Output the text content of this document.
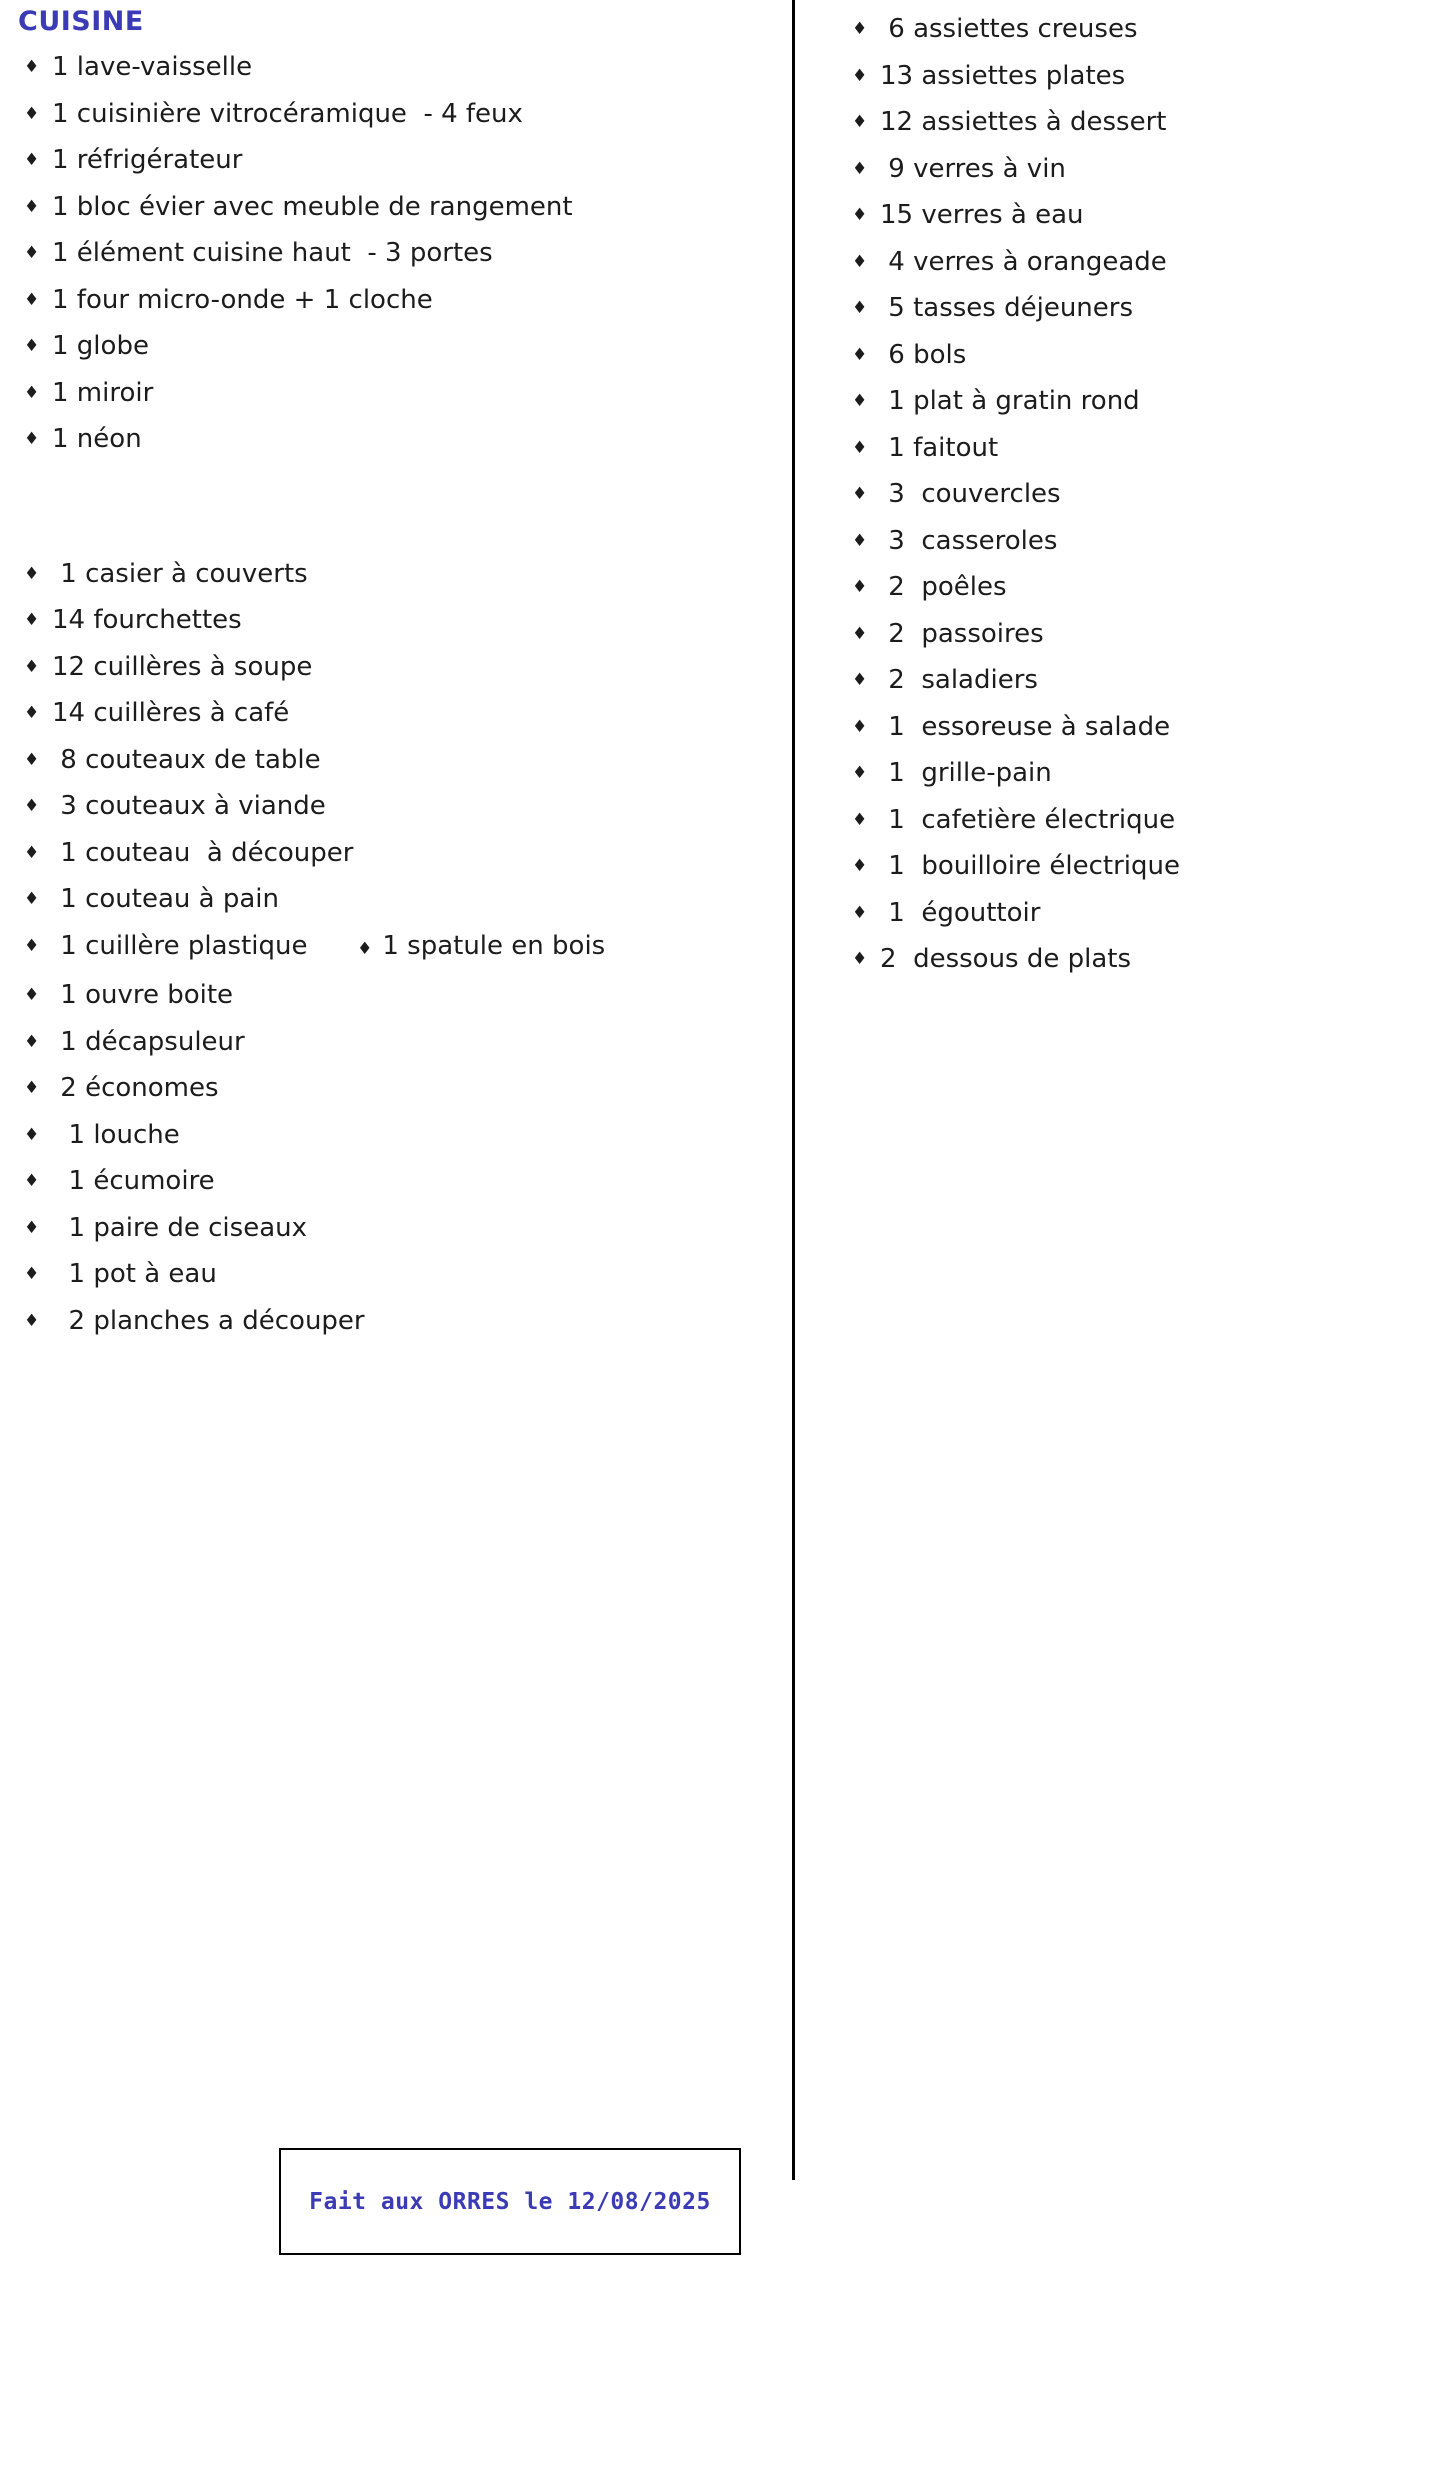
CUISINE
♦ 1 lave-vaisselle
♦ 1 cuisinière vitrocéramique  - 4 feux
♦ 1 réfrigérateur
♦ 1 bloc évier avec meuble de rangement
♦ 1 élément cuisine haut  - 3 portes
♦ 1 four micro-onde + 1 cloche
♦ 1 globe
♦ 1 miroir
♦ 1 néon
♦ 1 casier à couverts
♦ 14 fourchettes
♦ 12 cuillères à soupe
♦ 14 cuillères à café
♦ 8 couteaux de table
♦ 3 couteaux à viande
♦ 1 couteau  à découper
♦ 1 couteau à pain
♦ 1 cuillère plastique	♦ 1 spatule en bois
♦ 1 ouvre boite
♦ 1 décapsuleur
♦ 2 économes
♦ 1 louche
♦ 1 écumoire
♦ 1 paire de ciseaux
♦ 1 pot à eau
♦ 2 planches a découper
♦ 6 assiettes creuses
♦ 13 assiettes plates
♦ 12 assiettes à dessert
♦ 9 verres à vin
♦ 15 verres à eau
♦ 4 verres à orangeade
♦ 5 tasses déjeuners
♦ 6 bols
♦ 1 plat à gratin rond
♦ 1 faitout
♦ 3  couvercles
♦ 3  casseroles
♦ 2  poêles
♦ 2  passoires
♦ 2  saladiers
♦ 1  essoreuse à salade
♦ 1  grille-pain
♦ 1  cafetière électrique
♦ 1  bouilloire électrique
♦ 1  égouttoir
♦ 2  dessous de plats
Fait aux ORRES le 12/08/2025
